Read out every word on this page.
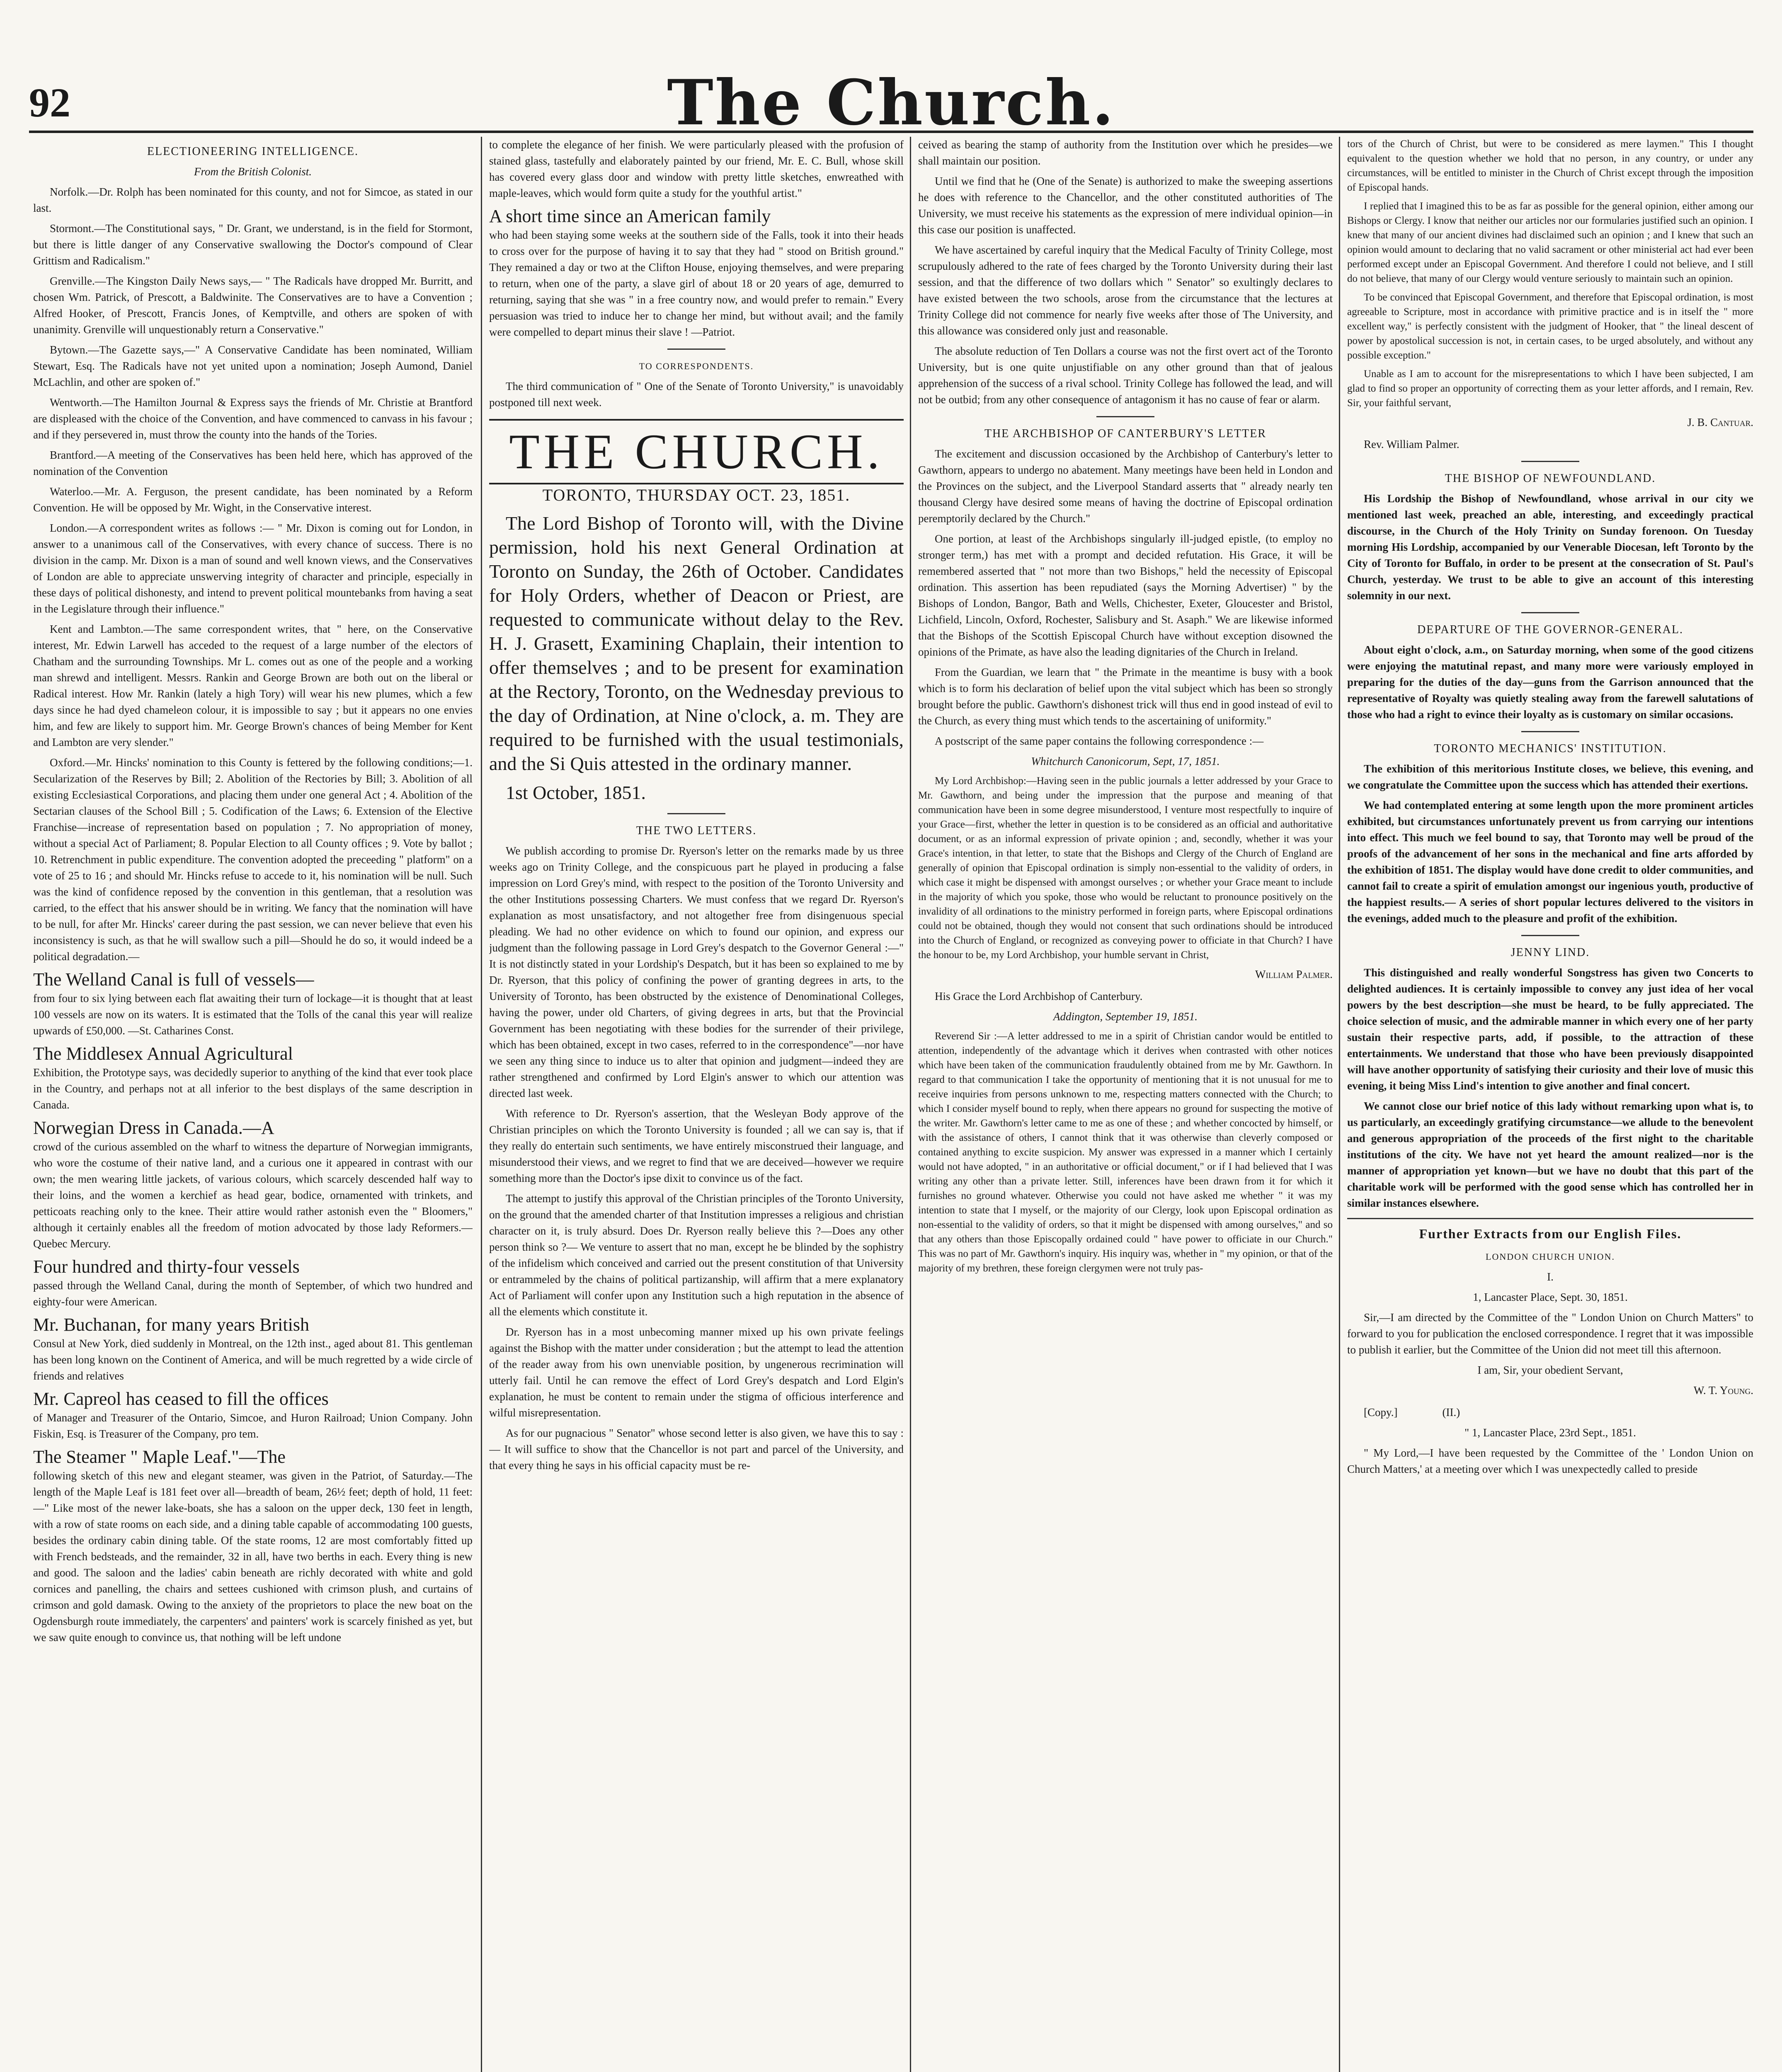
92	The Church.
ELECTIONEERING INTELLIGENCE.
From the British Colonist.

Norfolk.—Dr. Rolph has been nominated for this county, and not for Simcoe, as stated in our last.

Stormont.—The Constitutional says, " Dr. Grant, we understand, is in the field for Stormont, but there is little danger of any Conservative swallowing the Doctor's compound of Clear Grittism and Radicalism."

Grenville.—The Kingston Daily News says,— " The Radicals have dropped Mr. Burritt, and chosen Wm. Patrick, of Prescott, a Baldwinite. The Conservatives are to have a Convention ; Alfred Hooker, of Prescott, Francis Jones, of Kemptville, and others are spoken of with unanimity. Grenville will unquestionably return a Conservative."

Bytown.—The Gazette says,—" A Conservative Candidate has been nominated, William Stewart, Esq. The Radicals have not yet united upon a nomination; Joseph Aumond, Daniel McLachlin, and other are spoken of."

Wentworth.—The Hamilton Journal & Express says the friends of Mr. Christie at Brantford are displeased with the choice of the Convention, and have commenced to canvass in his favour ; and if they persevered in, must throw the county into the hands of the Tories.

Brantford.—A meeting of the Conservatives has been held here, which has approved of the nomination of the Convention

Waterloo.—Mr. A. Ferguson, the present candidate, has been nominated by a Reform Convention. He will be opposed by Mr. Wight, in the Conservative interest.

London.—A correspondent writes as follows :— " Mr. Dixon is coming out for London, in answer to a unanimous call of the Conservatives, with every chance of success. There is no division in the camp. Mr. Dixon is a man of sound and well known views, and the Conservatives of London are able to appreciate unswerving integrity of character and principle, especially in these days of political dishonesty, and intend to prevent political mountebanks from having a seat in the Legislature through their influence."

Kent and Lambton.—The same correspondent writes, that " here, on the Conservative interest, Mr. Edwin Larwell has acceded to the request of a large number of the electors of Chatham and the surrounding Townships. Mr L. comes out as one of the people and a working man shrewd and intelligent. Messrs. Rankin and George Brown are both out on the liberal or Radical interest. How Mr. Rankin (lately a high Tory) will wear his new plumes, which a few days since he had dyed chameleon colour, it is impossible to say ; but it appears no one envies him, and few are likely to support him. Mr. George Brown's chances of being Member for Kent and Lambton are very slender."

Oxford.—Mr. Hincks' nomination to this County is fettered by the following conditions;—1. Secularization of the Reserves by Bill; 2. Abolition of the Rectories by Bill; 3. Abolition of all existing Ecclesiastical Corporations, and placing them under one general Act ; 4. Abolition of the Sectarian clauses of the School Bill ; 5. Codification of the Laws; 6. Extension of the Elective Franchise—increase of representation based on population ; 7. No appropriation of money, without a special Act of Parliament; 8. Popular Election to all County offices ; 9. Vote by ballot ; 10. Retrenchment in public expenditure. The convention adopted the preceeding " platform" on a vote of 25 to 16 ; and should Mr. Hincks refuse to accede to it, his nomination will be null. Such was the kind of confidence reposed by the convention in this gentleman, that a resolution was carried, to the effect that his answer should be in writing. We fancy that the nomination will have to be null, for after Mr. Hincks' career during the past session, we can never believe that even his inconsistency is such, as that he will swallow such a pill—Should he do so, it would indeed be a political degradation.—

The Welland Canal is full of vessels—

from four to six lying between each flat awaiting their turn of lockage—it is thought that at least 100 vessels are now on its waters. It is estimated that the Tolls of the canal this year will realize upwards of £50,000. —St. Catharines Const.

The Middlesex Annual Agricultural

Exhibition, the Prototype says, was decidedly superior to anything of the kind that ever took place in the Country, and perhaps not at all inferior to the best displays of the same description in Canada.

Norwegian Dress in Canada.—A

crowd of the curious assembled on the wharf to witness the departure of Norwegian immigrants, who wore the costume of their native land, and a curious one it appeared in contrast with our own; the men wearing little jackets, of various colours, which scarcely descended half way to their loins, and the women a kerchief as head gear, bodice, ornamented with trinkets, and petticoats reaching only to the knee. Their attire would rather astonish even the " Bloomers," although it certainly enables all the freedom of motion advocated by those lady Reformers.— Quebec Mercury.

Four hundred and thirty-four vessels

passed through the Welland Canal, during the month of September, of which two hundred and eighty-four were American.

Mr. Buchanan, for many years British

Consul at New York, died suddenly in Montreal, on the 12th inst., aged about 81. This gentleman has been long known on the Continent of America, and will be much regretted by a wide circle of friends and relatives

Mr. Capreol has ceased to fill the offices

of Manager and Treasurer of the Ontario, Simcoe, and Huron Railroad; Union Company. John Fiskin, Esq. is Treasurer of the Company, pro tem.

The Steamer " Maple Leaf."—The

following sketch of this new and elegant steamer, was given in the Patriot, of Saturday.—The length of the Maple Leaf is 181 feet over all—breadth of beam, 26½ feet; depth of hold, 11 feet:—" Like most of the newer lake-boats, she has a saloon on the upper deck, 130 feet in length, with a row of state rooms on each side, and a dining table capable of accommodating 100 guests, besides the ordinary cabin dining table. Of the state rooms, 12 are most comfortably fitted up with French bedsteads, and the remainder, 32 in all, have two berths in each. Every thing is new and good. The saloon and the ladies' cabin beneath are richly decorated with white and gold cornices and panelling, the chairs and settees cushioned with crimson plush, and curtains of crimson and gold damask. Owing to the anxiety of the proprietors to place the new boat on the Ogdensburgh route immediately, the carpenters' and painters' work is scarcely finished as yet, but we saw quite enough to convince us, that nothing will be left undone

to complete the elegance of her finish. We were particularly pleased with the profusion of stained glass, tastefully and elaborately painted by our friend, Mr. E. C. Bull, whose skill has covered every glass door and window with pretty little sketches, enwreathed with maple-leaves, which would form quite a study for the youthful artist."

A short time since an American family

who had been staying some weeks at the southern side of the Falls, took it into their heads to cross over for the purpose of having it to say that they had " stood on British ground." They remained a day or two at the Clifton House, enjoying themselves, and were preparing to return, when one of the party, a slave girl of about 18 or 20 years of age, demurred to returning, saying that she was " in a free country now, and would prefer to remain." Every persuasion was tried to induce her to change her mind, but without avail; and the family were compelled to depart minus their slave ! —Patriot.

TO CORRESPONDENTS.

The third communication of " One of the Senate of Toronto University," is unavoidably postponed till next week.

THE CHURCH.
TORONTO, THURSDAY OCT. 23, 1851.

The Lord Bishop of Toronto will, with the Divine permission, hold his next General Ordination at Toronto on Sunday, the 26th of October. Candidates for Holy Orders, whether of Deacon or Priest, are requested to communicate without delay to the Rev. H. J. Grasett, Examining Chaplain, their intention to offer themselves ; and to be present for examination at the Rectory, Toronto, on the Wednesday previous to the day of Ordination, at Nine o'clock, a. m. They are required to be furnished with the usual testimonials, and the Si Quis attested in the ordinary manner.

1st October, 1851.

THE TWO LETTERS.

We publish according to promise Dr. Ryerson's letter on the remarks made by us three weeks ago on Trinity College, and the conspicuous part he played in producing a false impression on Lord Grey's mind, with respect to the position of the Toronto University and the other Institutions possessing Charters. We must confess that we regard Dr. Ryerson's explanation as most unsatisfactory, and not altogether free from disingenuous special pleading. We had no other evidence on which to found our opinion, and express our judgment than the following passage in Lord Grey's despatch to the Governor General :—" It is not distinctly stated in your Lordship's Despatch, but it has been so explained to me by Dr. Ryerson, that this policy of confining the power of granting degrees in arts, to the University of Toronto, has been obstructed by the existence of Denominational Colleges, having the power, under old Charters, of giving degrees in arts, but that the Provincial Government has been negotiating with these bodies for the surrender of their privilege, which has been obtained, except in two cases, referred to in the correspondence"—nor have we seen any thing since to induce us to alter that opinion and judgment—indeed they are rather strengthened and confirmed by Lord Elgin's answer to which our attention was directed last week.

With reference to Dr. Ryerson's assertion, that the Wesleyan Body approve of the Christian principles on which the Toronto University is founded ; all we can say is, that if they really do entertain such sentiments, we have entirely misconstrued their language, and misunderstood their views, and we regret to find that we are deceived—however we require something more than the Doctor's ipse dixit to convince us of the fact.

The attempt to justify this approval of the Christian principles of the Toronto University, on the ground that the amended charter of that Institution impresses a religious and christian character on it, is truly absurd. Does Dr. Ryerson really believe this ?—Does any other person think so ?— We venture to assert that no man, except he be blinded by the sophistry of the infidelism which conceived and carried out the present constitution of that University or entrammeled by the chains of political partizanship, will affirm that a mere explanatory Act of Parliament will confer upon any Institution such a high reputation in the absence of all the elements which constitute it.

Dr. Ryerson has in a most unbecoming manner mixed up his own private feelings against the Bishop with the matter under consideration ; but the attempt to lead the attention of the reader away from his own unenviable position, by ungenerous recrimination will utterly fail. Until he can remove the effect of Lord Grey's despatch and Lord Elgin's explanation, he must be content to remain under the stigma of officious interference and wilful misrepresentation.

As for our pugnacious " Senator" whose second letter is also given, we have this to say :— It will suffice to show that the Chancellor is not part and parcel of the University, and that every thing he says in his official capacity must be re-

ceived as bearing the stamp of authority from the Institution over which he presides—we shall maintain our position.

Until we find that he (One of the Senate) is authorized to make the sweeping assertions he does with reference to the Chancellor, and the other constituted authorities of The University, we must receive his statements as the expression of mere individual opinion—in this case our position is unaffected.

We have ascertained by careful inquiry that the Medical Faculty of Trinity College, most scrupulously adhered to the rate of fees charged by the Toronto University during their last session, and that the difference of two dollars which " Senator" so exultingly declares to have existed between the two schools, arose from the circumstance that the lectures at Trinity College did not commence for nearly five weeks after those of The University, and this allowance was considered only just and reasonable.

The absolute reduction of Ten Dollars a course was not the first overt act of the Toronto University, but is one quite unjustifiable on any other ground than that of jealous apprehension of the success of a rival school. Trinity College has followed the lead, and will not be outbid; from any other consequence of antagonism it has no cause of fear or alarm.

THE ARCHBISHOP OF CANTERBURY'S LETTER

The excitement and discussion occasioned by the Archbishop of Canterbury's letter to Gawthorn, appears to undergo no abatement. Many meetings have been held in London and the Provinces on the subject, and the Liverpool Standard asserts that " already nearly ten thousand Clergy have desired some means of having the doctrine of Episcopal ordination peremptorily declared by the Church."

One portion, at least of the Archbishops singularly ill-judged epistle, (to employ no stronger term,) has met with a prompt and decided refutation. His Grace, it will be remembered asserted that " not more than two Bishops," held the necessity of Episcopal ordination. This assertion has been repudiated (says the Morning Advertiser) " by the Bishops of London, Bangor, Bath and Wells, Chichester, Exeter, Gloucester and Bristol, Lichfield, Lincoln, Oxford, Rochester, Salisbury and St. Asaph." We are likewise informed that the Bishops of the Scottish Episcopal Church have without exception disowned the opinions of the Primate, as have also the leading dignitaries of the Church in Ireland.

From the Guardian, we learn that " the Primate in the meantime is busy with a book which is to form his declaration of belief upon the vital subject which has been so strongly brought before the public. Gawthorn's dishonest trick will thus end in good instead of evil to the Church, as every thing must which tends to the ascertaining of uniformity."

A postscript of the same paper contains the following correspondence :—

Whitchurch Canonicorum, Sept, 17, 1851.

My Lord Archbishop:—Having seen in the public journals a letter addressed by your Grace to Mr. Gawthorn, and being under the impression that the purpose and meaning of that communication have been in some degree misunderstood, I venture most respectfully to inquire of your Grace—first, whether the letter in question is to be considered as an official and authoritative document, or as an informal expression of private opinion ; and, secondly, whether it was your Grace's intention, in that letter, to state that the Bishops and Clergy of the Church of England are generally of opinion that Episcopal ordination is simply non-essential to the validity of orders, in which case it might be dispensed with amongst ourselves ; or whether your Grace meant to include in the majority of which you spoke, those who would be reluctant to pronounce positively on the invalidity of all ordinations to the ministry performed in foreign parts, where Episcopal ordinations could not be obtained, though they would not consent that such ordinations should be introduced into the Church of England, or recognized as conveying power to officiate in that Church? I have the honour to be, my Lord Archbishop, your humble servant in Christ,

William Palmer.

His Grace the Lord Archbishop of Canterbury.

Addington, September 19, 1851.

Reverend Sir :—A letter addressed to me in a spirit of Christian candor would be entitled to attention, independently of the advantage which it derives when contrasted with other notices which have been taken of the communication fraudulently obtained from me by Mr. Gawthorn. In regard to that communication I take the opportunity of mentioning that it is not unusual for me to receive inquiries from persons unknown to me, respecting matters connected with the Church; to which I consider myself bound to reply, when there appears no ground for suspecting the motive of the writer. Mr. Gawthorn's letter came to me as one of these ; and whether concocted by himself, or with the assistance of others, I cannot think that it was otherwise than cleverly composed or contained anything to excite suspicion. My answer was expressed in a manner which I certainly would not have adopted, " in an authoritative or official document," or if I had believed that I was writing any other than a private letter. Still, inferences have been drawn from it for which it furnishes no ground whatever. Otherwise you could not have asked me whether " it was my intention to state that I myself, or the majority of our Clergy, look upon Episcopal ordination as non-essential to the validity of orders, so that it might be dispensed with among ourselves," and so that any others than those Episcopally ordained could " have power to officiate in our Church." This was no part of Mr. Gawthorn's inquiry. His inquiry was, whether in " my opinion, or that of the majority of my brethren, these foreign clergymen were not truly pas-

tors of the Church of Christ, but were to be considered as mere laymen." This I thought equivalent to the question whether we hold that no person, in any country, or under any circumstances, will be entitled to minister in the Church of Christ except through the imposition of Episcopal hands.

I replied that I imagined this to be as far as possible for the general opinion, either among our Bishops or Clergy. I know that neither our articles nor our formularies justified such an opinion. I knew that many of our ancient divines had disclaimed such an opinion ; and I knew that such an opinion would amount to declaring that no valid sacrament or other ministerial act had ever been performed except under an Episcopal Government. And therefore I could not believe, and I still do not believe, that many of our Clergy would venture seriously to maintain such an opinion.

To be convinced that Episcopal Government, and therefore that Episcopal ordination, is most agreeable to Scripture, most in accordance with primitive practice and is in itself the " more excellent way," is perfectly consistent with the judgment of Hooker, that " the lineal descent of power by apostolical succession is not, in certain cases, to be urged absolutely, and without any possible exception."

Unable as I am to account for the misrepresentations to which I have been subjected, I am glad to find so proper an opportunity of correcting them as your letter affords, and I remain, Rev. Sir, your faithful servant,

J. B. Cantuar.

Rev. William Palmer.

THE BISHOP OF NEWFOUNDLAND.

His Lordship the Bishop of Newfoundland, whose arrival in our city we mentioned last week, preached an able, interesting, and exceedingly practical discourse, in the Church of the Holy Trinity on Sunday forenoon. On Tuesday morning His Lordship, accompanied by our Venerable Diocesan, left Toronto by the City of Toronto for Buffalo, in order to be present at the consecration of St. Paul's Church, yesterday. We trust to be able to give an account of this interesting solemnity in our next.

DEPARTURE OF THE GOVERNOR-GENERAL.

About eight o'clock, a.m., on Saturday morning, when some of the good citizens were enjoying the matutinal repast, and many more were variously employed in preparing for the duties of the day—guns from the Garrison announced that the representative of Royalty was quietly stealing away from the farewell salutations of those who had a right to evince their loyalty as is customary on similar occasions.

TORONTO MECHANICS' INSTITUTION.

The exhibition of this meritorious Institute closes, we believe, this evening, and we congratulate the Committee upon the success which has attended their exertions.

We had contemplated entering at some length upon the more prominent articles exhibited, but circumstances unfortunately prevent us from carrying our intentions into effect. This much we feel bound to say, that Toronto may well be proud of the proofs of the advancement of her sons in the mechanical and fine arts afforded by the exhibition of 1851. The display would have done credit to older communities, and cannot fail to create a spirit of emulation amongst our ingenious youth, productive of the happiest results.— A series of short popular lectures delivered to the visitors in the evenings, added much to the pleasure and profit of the exhibition.

JENNY LIND.

This distinguished and really wonderful Songstress has given two Concerts to delighted audiences. It is certainly impossible to convey any just idea of her vocal powers by the best description—she must be heard, to be fully appreciated. The choice selection of music, and the admirable manner in which every one of her party sustain their respective parts, add, if possible, to the attraction of these entertainments. We understand that those who have been previously disappointed will have another opportunity of satisfying their curiosity and their love of music this evening, it being Miss Lind's intention to give another and final concert.

We cannot close our brief notice of this lady without remarking upon what is, to us particularly, an exceedingly gratifying circumstance—we allude to the benevolent and generous appropriation of the proceeds of the first night to the charitable institutions of the city. We have not yet heard the amount realized—nor is the manner of appropriation yet known—but we have no doubt that this part of the charitable work will be performed with the good sense which has controlled her in similar instances elsewhere.

Further Extracts from our English Files.
LONDON CHURCH UNION.
I.
1, Lancaster Place, Sept. 30, 1851.

Sir,—I am directed by the Committee of the " London Union on Church Matters" to forward to you for publication the enclosed correspondence. I regret that it was impossible to publish it earlier, but the Committee of the Union did not meet till this afternoon.

I am, Sir, your obedient Servant,
W. T. Young.

[Copy.]                (II.)

" 1, Lancaster Place, 23rd Sept., 1851.

" My Lord,—I have been requested by the Committee of the ' London Union on Church Matters,' at a meeting over which I was unexpectedly called to preside
